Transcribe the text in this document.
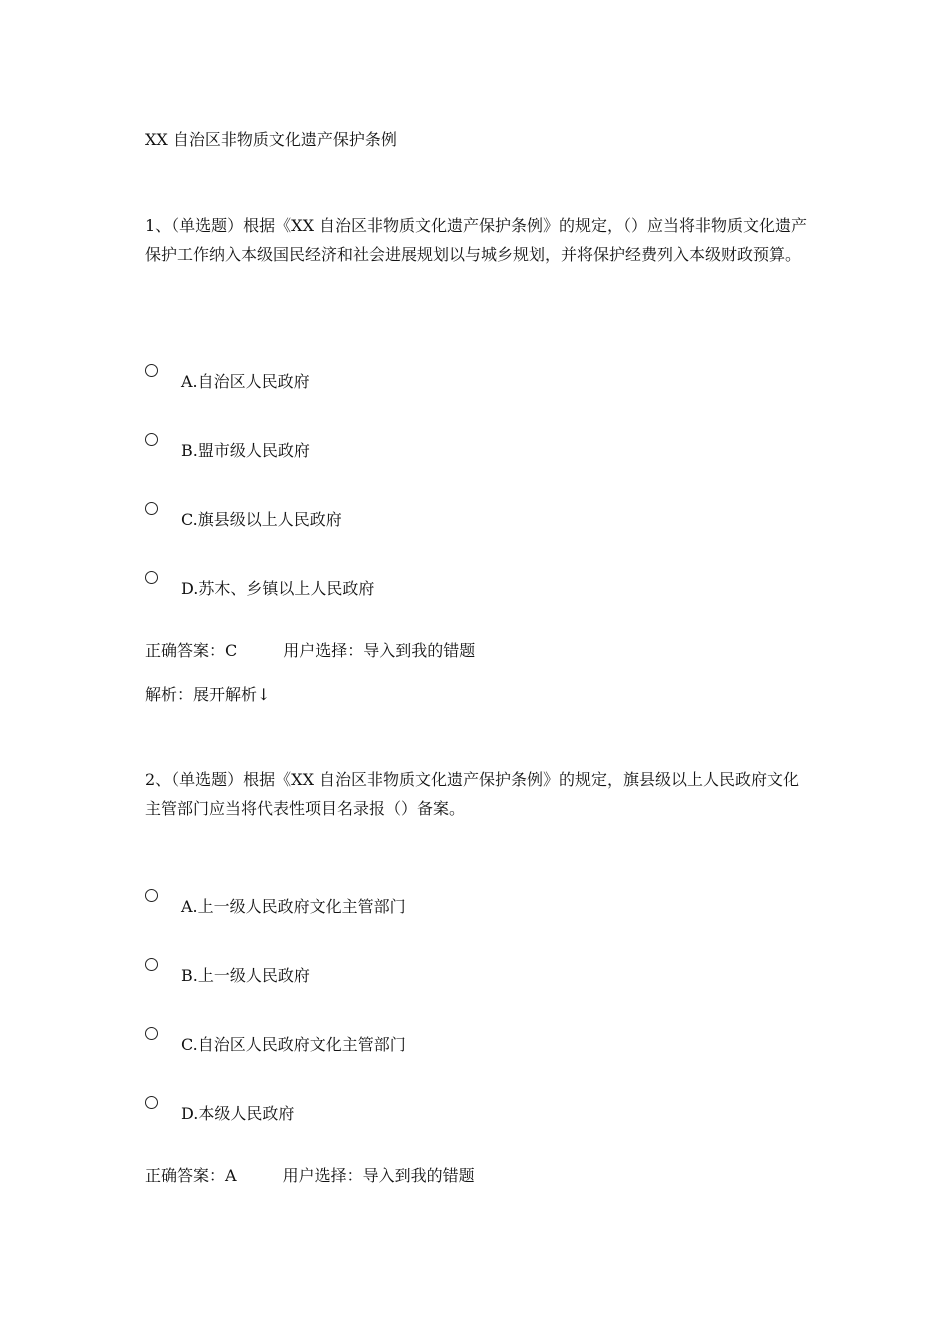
XX 自治区非物质文化遗产保护条例
1、（单选题）根据《XX 自治区非物质文化遗产保护条例》的规定，（）应当将非物质文化遗产保护工作纳入本级国民经济和社会进展规划以与城乡规划，并将保护经费列入本级财政预算。
A.自治区人民政府
B.盟市级人民政府
C.旗县级以上人民政府
D.苏木、乡镇以上人民政府
正确答案：C	用户选择：导入到我的错题
解析：展开解析↓
2、（单选题）根据《XX 自治区非物质文化遗产保护条例》的规定，旗县级以上人民政府文化主管部门应当将代表性项目名录报（）备案。
A.上一级人民政府文化主管部门
B.上一级人民政府
C.自治区人民政府文化主管部门
D.本级人民政府
正确答案：A	用户选择：导入到我的错题
